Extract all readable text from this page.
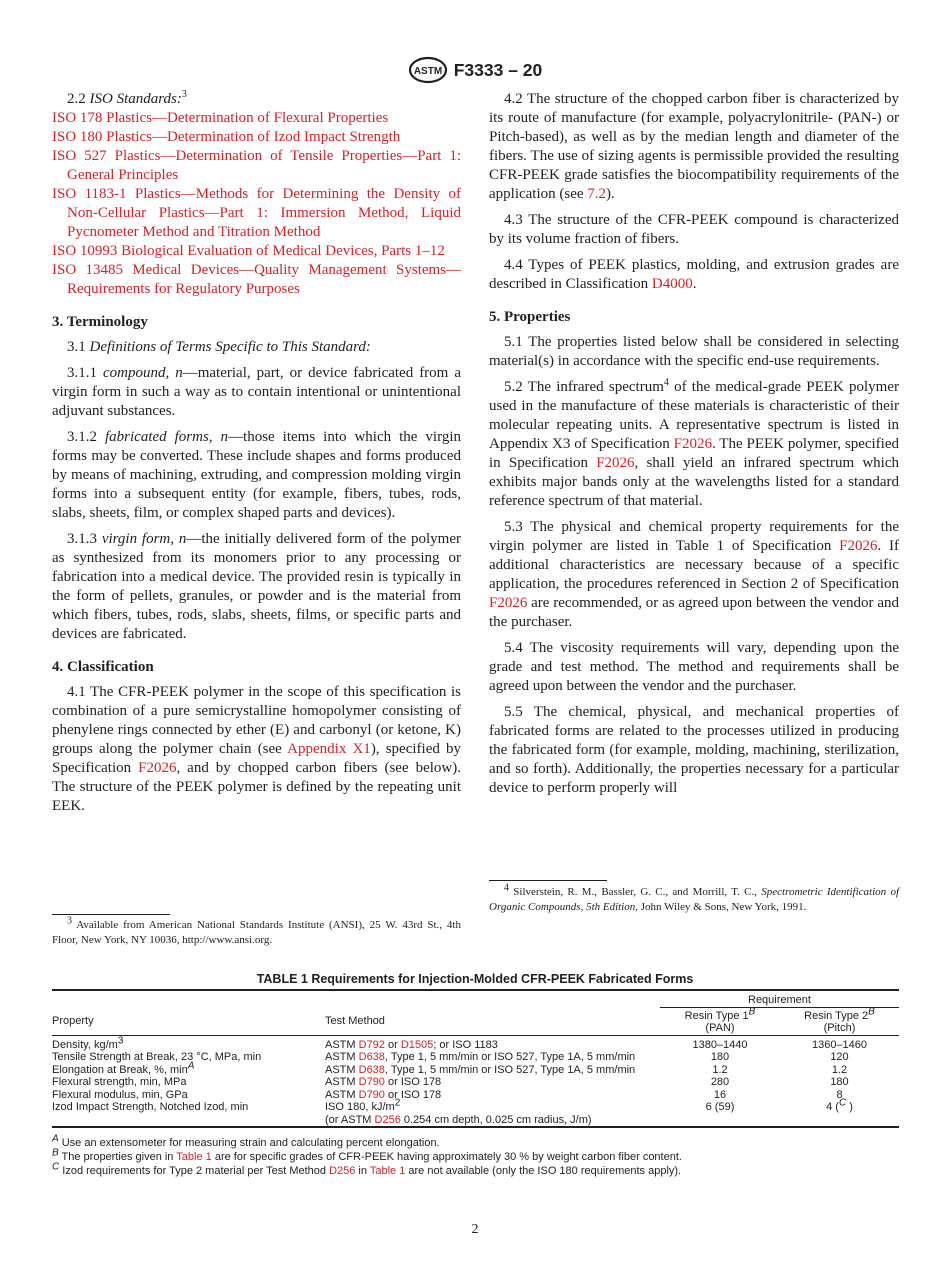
ASTM F3333 – 20

2.2 ISO Standards:$^3$

ISO 178 Plastics—Determination of Flexural Properties

ISO 180 Plastics—Determination of Izod Impact Strength

ISO 527 Plastics—Determination of Tensile Properties—Part 1: General Principles

ISO 1183-1 Plastics—Methods for Determining the Density of Non-Cellular Plastics—Part 1: Immersion Method, Liquid Pycnometer Method and Titration Method

ISO 10993 Biological Evaluation of Medical Devices, Parts 1–12

ISO 13485 Medical Devices—Quality Management Systems—Requirements for Regulatory Purposes

3. Terminology

3.1 Definitions of Terms Specific to This Standard:

3.1.1 compound, n—material, part, or device fabricated from a virgin form in such a way as to contain intentional or unintentional adjuvant substances.

3.1.2 fabricated forms, n—those items into which the virgin forms may be converted. These include shapes and forms produced by means of machining, extruding, and compression molding virgin forms into a subsequent entity (for example, fibers, tubes, rods, slabs, sheets, film, or complex shaped parts and devices).

3.1.3 virgin form, n—the initially delivered form of the polymer as synthesized from its monomers prior to any processing or fabrication into a medical device. The provided resin is typically in the form of pellets, granules, or powder and is the material from which fibers, tubes, rods, slabs, sheets, films, or specific parts and devices are fabricated.

4. Classification

4.1 The CFR-PEEK polymer in the scope of this specification is combination of a pure semicrystalline homopolymer consisting of phenylene rings connected by ether (E) and carbonyl (or ketone, K) groups along the polymer chain (see Appendix X1), specified by Specification F2026, and by chopped carbon fibers (see below). The structure of the PEEK polymer is defined by the repeating unit EEK.

$^3$ Available from American National Standards Institute (ANSI), 25 W. 43rd St., 4th Floor, New York, NY 10036, http://www.ansi.org.

4.2 The structure of the chopped carbon fiber is characterized by its route of manufacture (for example, polyacrylonitrile- (PAN-) or Pitch-based), as well as by the median length and diameter of the fibers. The use of sizing agents is permissible provided the resulting CFR-PEEK grade satisfies the biocompatibility requirements of the application (see 7.2).

4.3 The structure of the CFR-PEEK compound is characterized by its volume fraction of fibers.

4.4 Types of PEEK plastics, molding, and extrusion grades are described in Classification D4000.

5. Properties

5.1 The properties listed below shall be considered in selecting material(s) in accordance with the specific end-use requirements.

5.2 The infrared spectrum$^4$ of the medical-grade PEEK polymer used in the manufacture of these materials is characteristic of their molecular repeating units. A representative spectrum is listed in Appendix X3 of Specification F2026. The PEEK polymer, specified in Specification F2026, shall yield an infrared spectrum which exhibits major bands only at the wavelengths listed for a standard reference spectrum of that material.

5.3 The physical and chemical property requirements for the virgin polymer are listed in Table 1 of Specification F2026. If additional characteristics are necessary because of a specific application, the procedures referenced in Section 2 of Specification F2026 are recommended, or as agreed upon between the vendor and the purchaser.

5.4 The viscosity requirements will vary, depending upon the grade and test method. The method and requirements shall be agreed upon between the vendor and the purchaser.

5.5 The chemical, physical, and mechanical properties of fabricated forms are related to the processes utilized in producing the fabricated form (for example, molding, machining, sterilization, and so forth). Additionally, the properties necessary for a particular device to perform properly will

$^4$ Silverstein, R. M., Bassler, G. C., and Morrill, T. C., Spectrometric Identification of Organic Compounds, 5th Edition, John Wiley & Sons, New York, 1991.
TABLE 1 Requirements for Injection-Molded CFR-PEEK Fabricated Forms

		Requirement	
Property	Test Method	Resin Type $1^B$
(PAN)	Resin Type $2^B$
(Pitch)

Density, $kg/m^3$	ASTM D792 or D1505; or ISO 1183	1380–1440	1360–1460
Tensile Strength at Break, 23 °C, MPa, min	ASTM D638, Type 1, 5 mm/min or ISO 527, Type 1A, 5 mm/min	180	120
Elongation at Break, %, $\min^A$	ASTM D638, Type 1, 5 mm/min or ISO 527, Type 1A, 5 mm/min	1.2	1.2
Flexural strength, min, MPa	ASTM D790 or ISO 178	280	180
Flexural modulus, min, GPa	ASTM D790 or ISO 178	16	8
Izod Impact Strength, Notched Izod, min	ISO 180, $kJ/m^2$
(or ASTM D256 0.254 cm depth, 0.025 cm radius, J/m)	6 (59)	4 ($^C$ )

$^A$ Use an extensometer for measuring strain and calculating percent elongation.
$^B$ The properties given in Table 1 are for specific grades of CFR-PEEK having approximately 30 % by weight carbon fiber content.
$^C$ Izod requirements for Type 2 material per Test Method D256 in Table 1 are not available (only the ISO 180 requirements apply).
2
